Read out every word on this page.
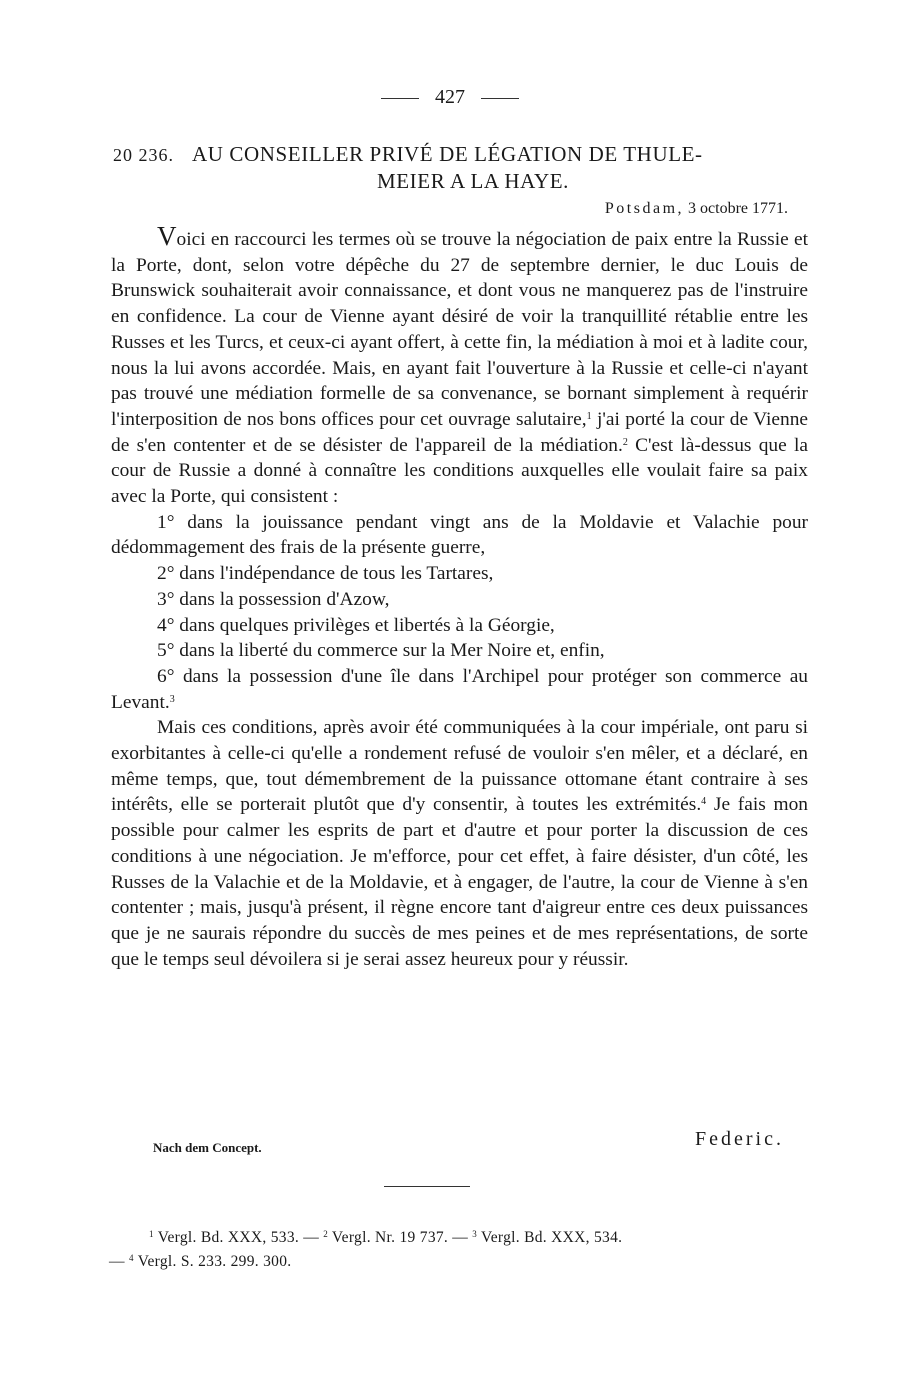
427
20 236. AU CONSEILLER PRIVÉ DE LÉGATION DE THULE-
MEIER A LA HAYE.
Potsdam, 3 octobre 1771.

Voici en raccourci les termes où se trouve la négociation de paix entre la Russie et la Porte, dont, selon votre dépêche du 27 de septembre dernier, le duc Louis de Brunswick souhaiterait avoir connaissance, et dont vous ne manquerez pas de l'instruire en confidence. La cour de Vienne ayant désiré de voir la tranquillité rétablie entre les Russes et les Turcs, et ceux-ci ayant offert, à cette fin, la médiation à moi et à ladite cour, nous la lui avons accordée. Mais, en ayant fait l'ouverture à la Russie et celle-ci n'ayant pas trouvé une médiation formelle de sa convenance, se bornant simplement à requérir l'interposition de nos bons offices pour cet ouvrage salutaire,$^1$ j'ai porté la cour de Vienne de s'en contenter et de se désister de l'appareil de la médiation.$^2$ C'est là-dessus que la cour de Russie a donné à connaître les conditions auxquelles elle voulait faire sa paix avec la Porte, qui consistent :

1° dans la jouissance pendant vingt ans de la Moldavie et Valachie pour dédommagement des frais de la présente guerre,

2° dans l'indépendance de tous les Tartares,

3° dans la possession d'Azow,

4° dans quelques privilèges et libertés à la Géorgie,

5° dans la liberté du commerce sur la Mer Noire et, enfin,

6° dans la possession d'une île dans l'Archipel pour protéger son commerce au Levant.$^3$

Mais ces conditions, après avoir été communiquées à la cour impériale, ont paru si exorbitantes à celle-ci qu'elle a rondement refusé de vouloir s'en mêler, et a déclaré, en même temps, que, tout démembrement de la puissance ottomane étant contraire à ses intérêts, elle se porterait plutôt que d'y consentir, à toutes les extrémités.$^4$ Je fais mon possible pour calmer les esprits de part et d'autre et pour porter la discussion de ces conditions à une négociation. Je m'efforce, pour cet effet, à faire désister, d'un côté, les Russes de la Valachie et de la Moldavie, et à engager, de l'autre, la cour de Vienne à s'en contenter ; mais, jusqu'à présent, il règne encore tant d'aigreur entre ces deux puissances que je ne saurais répondre du succès de mes peines et de mes représentations, de sorte que le temps seul dévoilera si je serai assez heureux pour y réussir.

Nach dem Concept.	Federic.
$^1$ Vergl. Bd. XXX, 533. — $^2$ Vergl. Nr. 19 737. — $^3$ Vergl. Bd. XXX, 534.
— $^4$ Vergl. S. 233. 299. 300.
